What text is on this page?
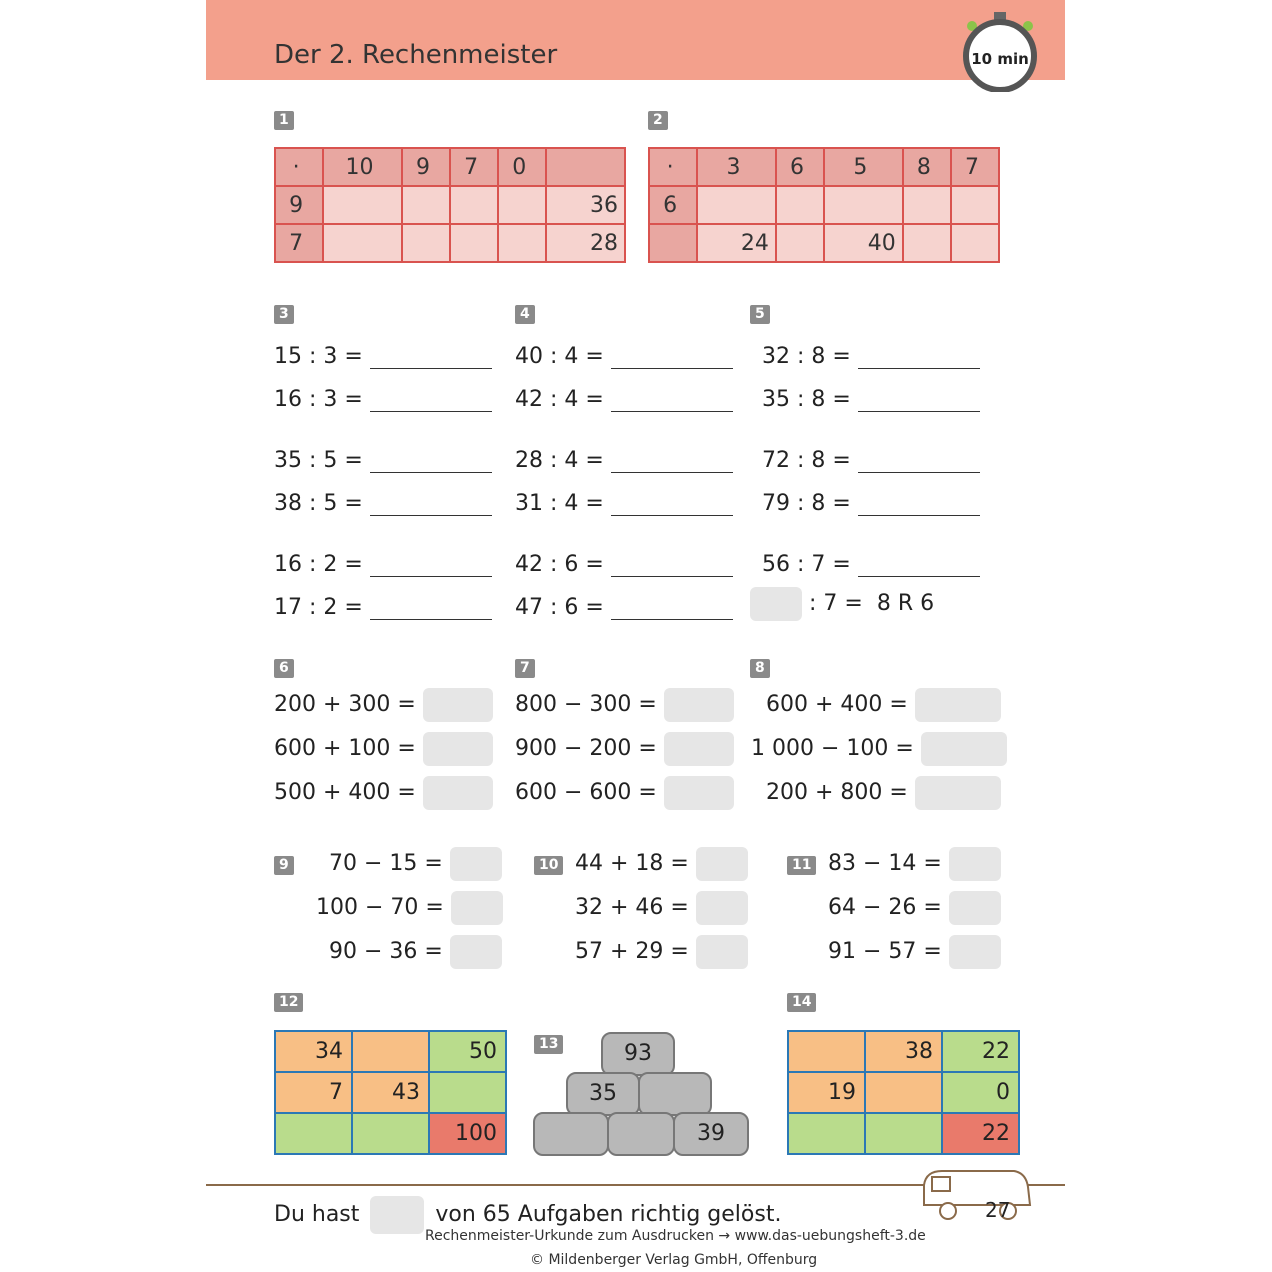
Der 2. Rechenmeister	10 min
1
·	10	9	7	0	
9					36
7					28
2
·	3	6	5	8	7
6					
	24		40		
3	4	5
15 : 3 =
16 : 3 =
35 : 5 =
38 : 5 =
16 : 2 =
17 : 2 =
40 : 4 =
42 : 4 =
28 : 4 =
31 : 4 =
42 : 6 =
47 : 6 =
32 : 8 =
35 : 8 =
72 : 8 =
79 : 8 =
56 : 7 =
: 7 = 8 R 6
6	7	8
200 + 300 =
600 + 100 =
500 + 400 =
800 − 300 =
900 − 200 =
600 − 600 =
600 + 400 =
1 000 − 100 =
200 + 800 =
9	10	11
70 − 15 =
100 − 70 =
90 − 36 =
44 + 18 =
32 + 46 =
57 + 29 =
83 − 14 =
64 − 26 =
91 − 57 =
12
34		50
7	43	
		100
13	93
35
39
14
	38	22
19		0
		22
27
Du hast	von 65 Aufgaben richtig gelöst.
Rechenmeister-Urkunde zum Ausdrucken → www.das-uebungsheft-3.de
© Mildenberger Verlag GmbH, Offenburg
